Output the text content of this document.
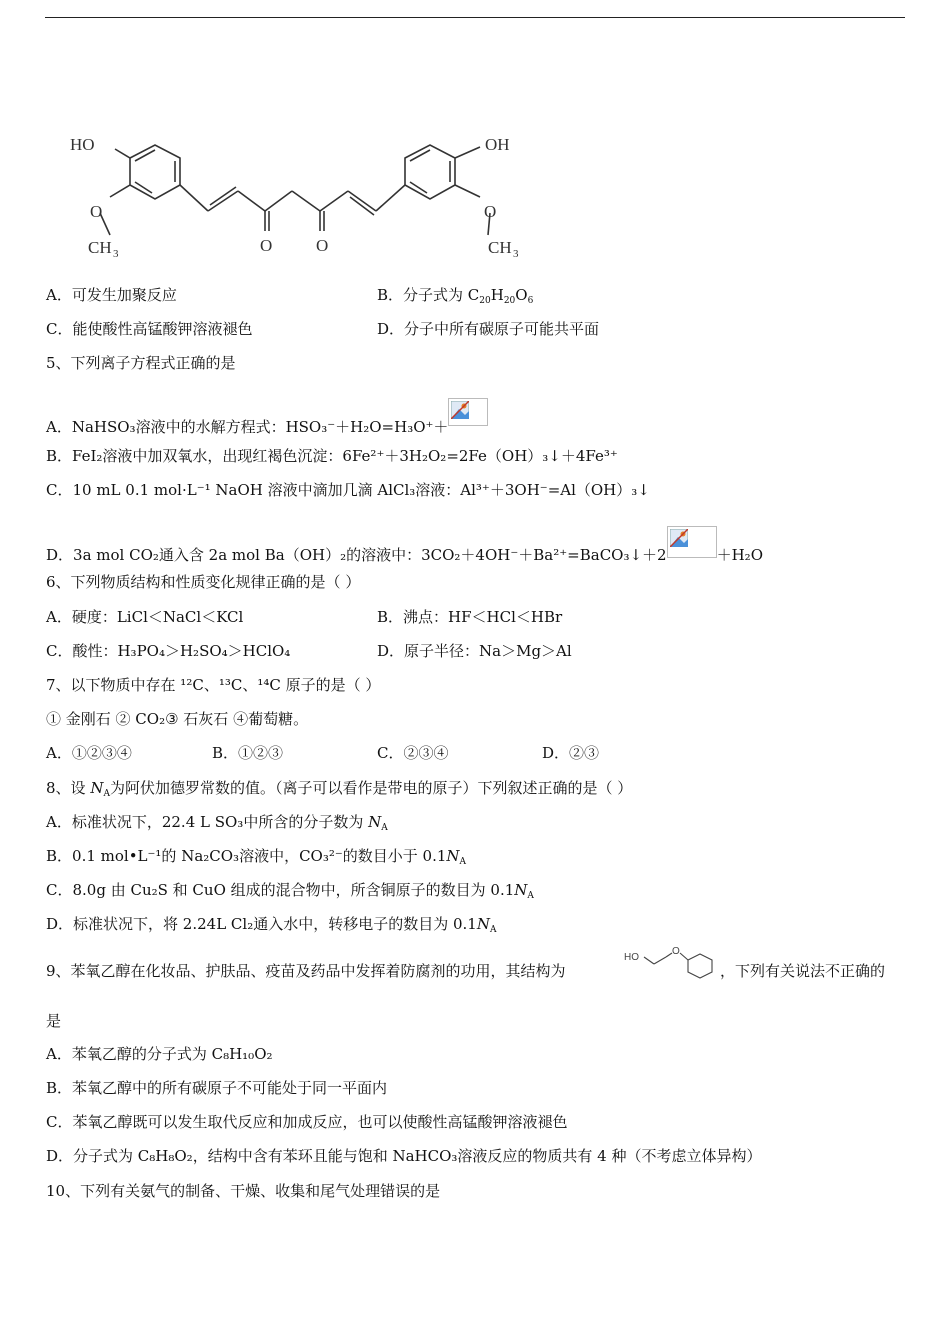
HO
O
CH 3	O	O
OH
O
CH 3
A．可发生加聚反应	B．分子式为 $C_{20}H_{20}O_6$
C．能使酸性高锰酸钾溶液褪色	D．分子中所有碳原子可能共平面
5、下列离子方程式正确的是
A．NaHSO₃溶液中的水解方程式：HSO₃⁻＋H₂O=H₃O⁺＋
B．FeI₂溶液中加双氧水，出现红褐色沉淀：6Fe²⁺＋3H₂O₂=2Fe（OH）₃↓＋4Fe³⁺
C．10 mL 0.1 mol·L⁻¹ NaOH 溶液中滴加几滴 AlCl₃溶液：Al³⁺＋3OH⁻=Al（OH）₃↓
D．3a mol CO₂通入含 2a mol Ba（OH）₂的溶液中：3CO₂＋4OH⁻＋Ba²⁺=BaCO₃↓＋2	＋H₂O
6、下列物质结构和性质变化规律正确的是（ ）
A．硬度：LiCl＜NaCl＜KCl	B．沸点：HF＜HCl＜HBr
C．酸性：H₃PO₄＞H₂SO₄＞HClO₄	D．原子半径：Na＞Mg＞Al
7、以下物质中存在 ¹²C、¹³C、¹⁴C 原子的是（ ）
① 金刚石 ② CO₂③ 石灰石 ④葡萄糖。
A．①②③④	B．①②③	C．②③④	D．②③
8、设 $N_A$为阿伏加德罗常数的值。（离子可以看作是带电的原子）下列叙述正确的是（ ）
A．标准状况下，22.4 L SO₃中所含的分子数为 $N_A$
B．0.1 mol•L⁻¹的 Na₂CO₃溶液中，CO₃²⁻的数目小于 $0.1N_A$
C．8.0g 由 Cu₂S 和 CuO 组成的混合物中，所含铜原子的数目为 $0.1N_A$
D．标准状况下，将 2.24L Cl₂通入水中，转移电子的数目为 $0.1N_A$
9、苯氧乙醇在化妆品、护肤品、疫苗及药品中发挥着防腐剂的功用，其结构为
HO
O
，下列有关说法不正确的
是
A．苯氧乙醇的分子式为 C₈H₁₀O₂
B．苯氧乙醇中的所有碳原子不可能处于同一平面内
C．苯氧乙醇既可以发生取代反应和加成反应，也可以使酸性高锰酸钾溶液褪色
D．分子式为 C₈H₈O₂，结构中含有苯环且能与饱和 NaHCO₃溶液反应的物质共有 4 种（不考虑立体异构）
10、下列有关氨气的制备、干燥、收集和尾气处理错误的是
